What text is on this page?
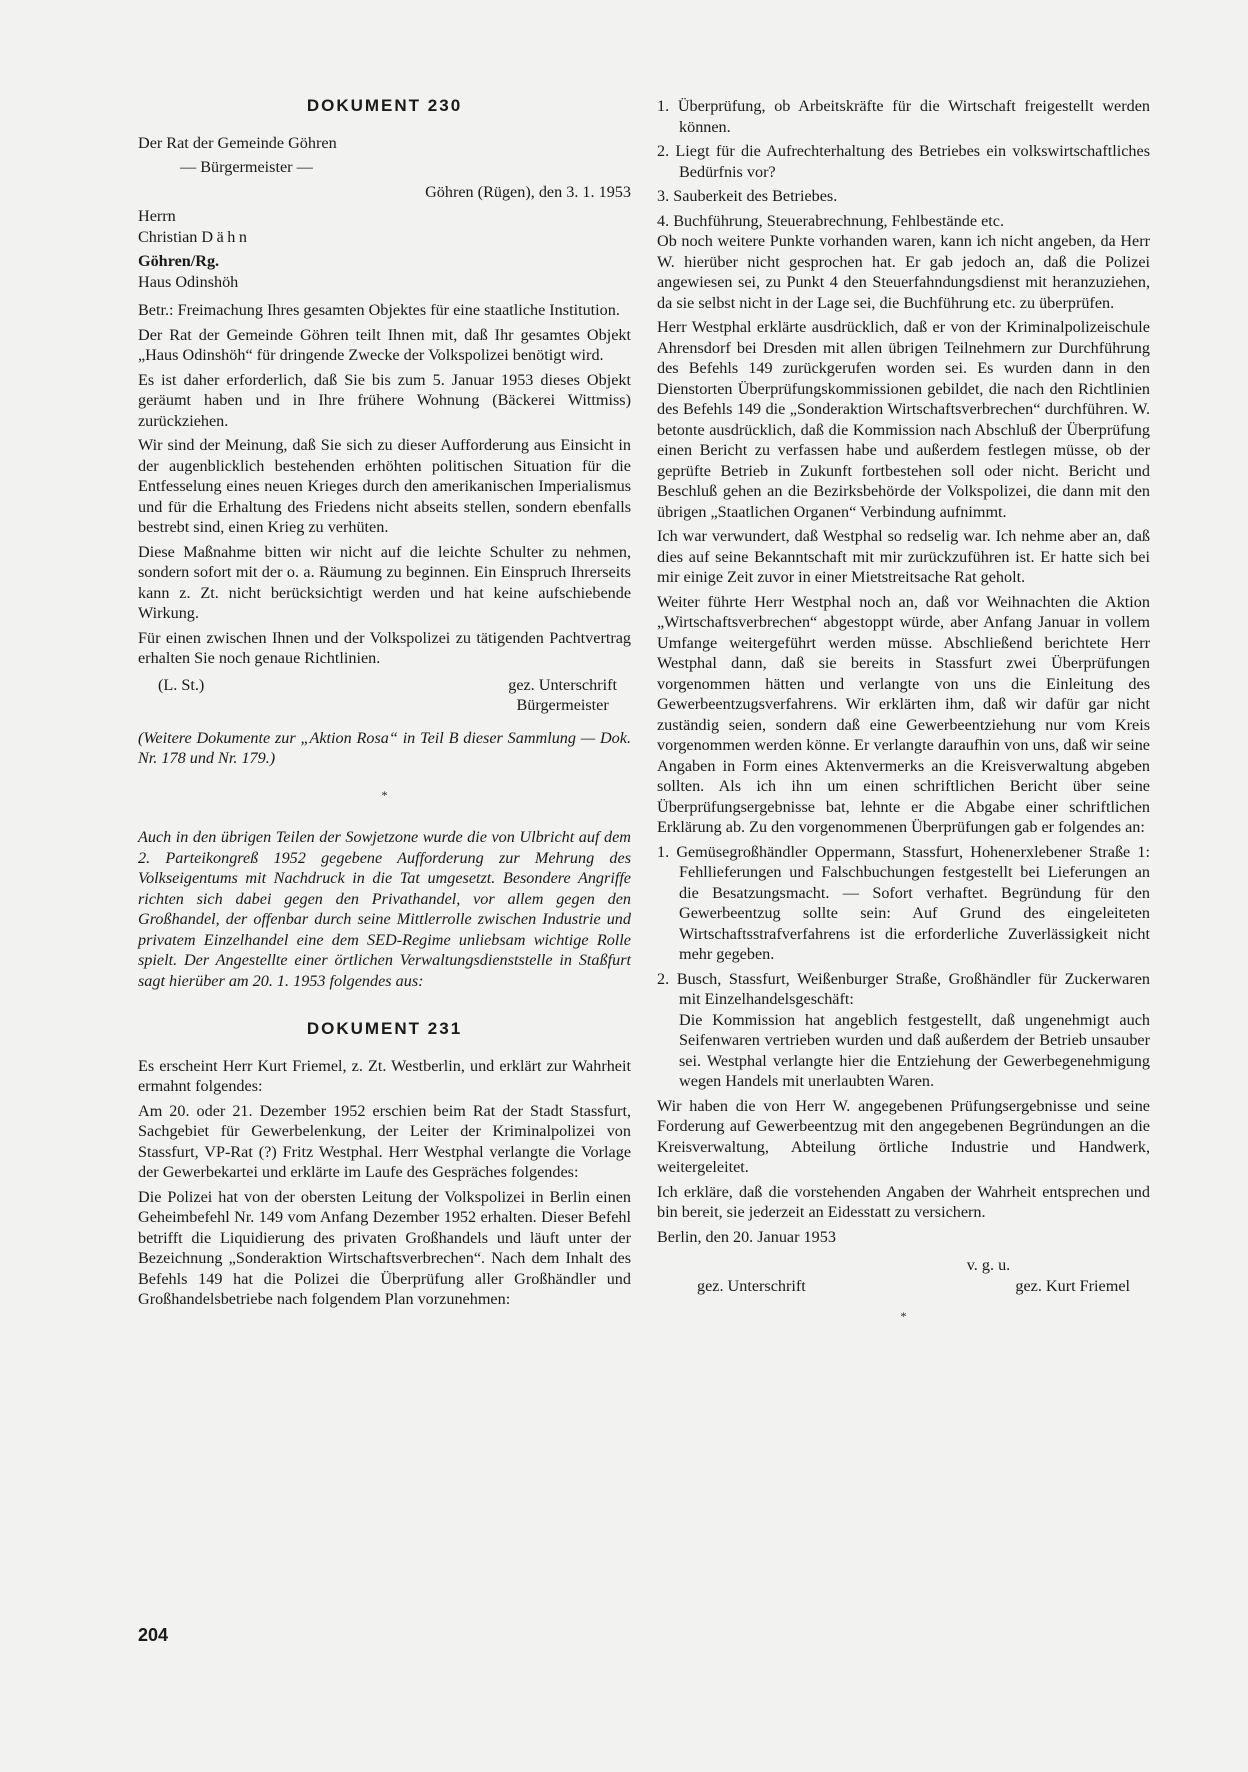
DOKUMENT 230

Der Rat der Gemeinde Göhren

— Bürgermeister —

Göhren (Rügen), den 3. 1. 1953

Herrn

Christian Dähn

Göhren/Rg.

Haus Odinshöh

Betr.: Freimachung Ihres gesamten Objektes für eine staatliche Institution.

Der Rat der Gemeinde Göhren teilt Ihnen mit, daß Ihr gesamtes Objekt „Haus Odinshöh“ für dringende Zwecke der Volkspolizei benötigt wird.

Es ist daher erforderlich, daß Sie bis zum 5. Januar 1953 dieses Objekt geräumt haben und in Ihre frühere Wohnung (Bäckerei Wittmiss) zurückziehen.

Wir sind der Meinung, daß Sie sich zu dieser Aufforderung aus Einsicht in der augenblicklich bestehenden erhöhten politischen Situation für die Entfesselung eines neuen Krieges durch den amerikanischen Imperialismus und für die Erhaltung des Friedens nicht abseits stellen, sondern ebenfalls bestrebt sind, einen Krieg zu verhüten.

Diese Maßnahme bitten wir nicht auf die leichte Schulter zu nehmen, sondern sofort mit der o. a. Räumung zu beginnen. Ein Einspruch Ihrerseits kann z. Zt. nicht berücksichtigt werden und hat keine aufschiebende Wirkung.

Für einen zwischen Ihnen und der Volkspolizei zu tätigenden Pachtvertrag erhalten Sie noch genaue Richtlinien.

(L. St.)	gez. Unterschrift
Bürgermeister

(Weitere Dokumente zur „Aktion Rosa“ in Teil B dieser Sammlung — Dok. Nr. 178 und Nr. 179.)

*

Auch in den übrigen Teilen der Sowjetzone wurde die von Ulbricht auf dem 2. Parteikongreß 1952 gegebene Aufforderung zur Mehrung des Volkseigentums mit Nachdruck in die Tat umgesetzt. Besondere Angriffe richten sich dabei gegen den Privathandel, vor allem gegen den Großhandel, der offenbar durch seine Mittlerrolle zwischen Industrie und privatem Einzelhandel eine dem SED-Regime unliebsam wichtige Rolle spielt. Der Angestellte einer örtlichen Verwaltungsdienststelle in Staßfurt sagt hierüber am 20. 1. 1953 folgendes aus:

DOKUMENT 231

Es erscheint Herr Kurt Friemel, z. Zt. Westberlin, und erklärt zur Wahrheit ermahnt folgendes:

Am 20. oder 21. Dezember 1952 erschien beim Rat der Stadt Stassfurt, Sachgebiet für Gewerbelenkung, der Leiter der Kriminalpolizei von Stassfurt, VP-Rat (?) Fritz Westphal. Herr Westphal verlangte die Vorlage der Gewerbekartei und erklärte im Laufe des Gespräches folgendes:

Die Polizei hat von der obersten Leitung der Volkspolizei in Berlin einen Geheimbefehl Nr. 149 vom Anfang Dezember 1952 erhalten. Dieser Befehl betrifft die Liquidierung des privaten Großhandels und läuft unter der Bezeichnung „Sonderaktion Wirtschaftsverbrechen“. Nach dem Inhalt des Befehls 149 hat die Polizei die Überprüfung aller Großhändler und Großhandelsbetriebe nach folgendem Plan vorzunehmen:

1. Überprüfung, ob Arbeitskräfte für die Wirtschaft freigestellt werden können.

2. Liegt für die Aufrechterhaltung des Betriebes ein volkswirtschaftliches Bedürfnis vor?

3. Sauberkeit des Betriebes.

4. Buchführung, Steuerabrechnung, Fehlbestände etc.

Ob noch weitere Punkte vorhanden waren, kann ich nicht angeben, da Herr W. hierüber nicht gesprochen hat. Er gab jedoch an, daß die Polizei angewiesen sei, zu Punkt 4 den Steuerfahndungsdienst mit heranzuziehen, da sie selbst nicht in der Lage sei, die Buchführung etc. zu überprüfen.

Herr Westphal erklärte ausdrücklich, daß er von der Kriminalpolizeischule Ahrensdorf bei Dresden mit allen übrigen Teilnehmern zur Durchführung des Befehls 149 zurückgerufen worden sei. Es wurden dann in den Dienstorten Überprüfungskommissionen gebildet, die nach den Richtlinien des Befehls 149 die „Sonderaktion Wirtschaftsverbrechen“ durchführen. W. betonte ausdrücklich, daß die Kommission nach Abschluß der Überprüfung einen Bericht zu verfassen habe und außerdem festlegen müsse, ob der geprüfte Betrieb in Zukunft fortbestehen soll oder nicht. Bericht und Beschluß gehen an die Bezirksbehörde der Volkspolizei, die dann mit den übrigen „Staatlichen Organen“ Verbindung aufnimmt.

Ich war verwundert, daß Westphal so redselig war. Ich nehme aber an, daß dies auf seine Bekanntschaft mit mir zurückzuführen ist. Er hatte sich bei mir einige Zeit zuvor in einer Mietstreitsache Rat geholt.

Weiter führte Herr Westphal noch an, daß vor Weihnachten die Aktion „Wirtschaftsverbrechen“ abgestoppt würde, aber Anfang Januar in vollem Umfange weitergeführt werden müsse. Abschließend berichtete Herr Westphal dann, daß sie bereits in Stassfurt zwei Überprüfungen vorgenommen hätten und verlangte von uns die Einleitung des Gewerbeentzugsverfahrens. Wir erklärten ihm, daß wir dafür gar nicht zuständig seien, sondern daß eine Gewerbeentziehung nur vom Kreis vorgenommen werden könne. Er verlangte daraufhin von uns, daß wir seine Angaben in Form eines Aktenvermerks an die Kreisverwaltung abgeben sollten. Als ich ihn um einen schriftlichen Bericht über seine Überprüfungsergebnisse bat, lehnte er die Abgabe einer schriftlichen Erklärung ab. Zu den vorgenommenen Überprüfungen gab er folgendes an:

1. Gemüsegroßhändler Oppermann, Stassfurt, Hohenerxlebener Straße 1: Fehllieferungen und Falschbuchungen festgestellt bei Lieferungen an die Besatzungsmacht. — Sofort verhaftet. Begründung für den Gewerbeentzug sollte sein: Auf Grund des eingeleiteten Wirtschaftsstrafverfahrens ist die erforderliche Zuverlässigkeit nicht mehr gegeben.

2. Busch, Stassfurt, Weißenburger Straße, Großhändler für Zuckerwaren mit Einzelhandelsgeschäft:

Die Kommission hat angeblich festgestellt, daß ungenehmigt auch Seifenwaren vertrieben wurden und daß außerdem der Betrieb unsauber sei. Westphal verlangte hier die Entziehung der Gewerbegenehmigung wegen Handels mit unerlaubten Waren.

Wir haben die von Herr W. angegebenen Prüfungsergebnisse und seine Forderung auf Gewerbeentzug mit den angegebenen Begründungen an die Kreisverwaltung, Abteilung örtliche Industrie und Handwerk, weitergeleitet.

Ich erkläre, daß die vorstehenden Angaben der Wahrheit entsprechen und bin bereit, sie jederzeit an Eidesstatt zu versichern.

Berlin, den 20. Januar 1953

v. g. u.
gez. Unterschrift	gez. Kurt Friemel
*
204
